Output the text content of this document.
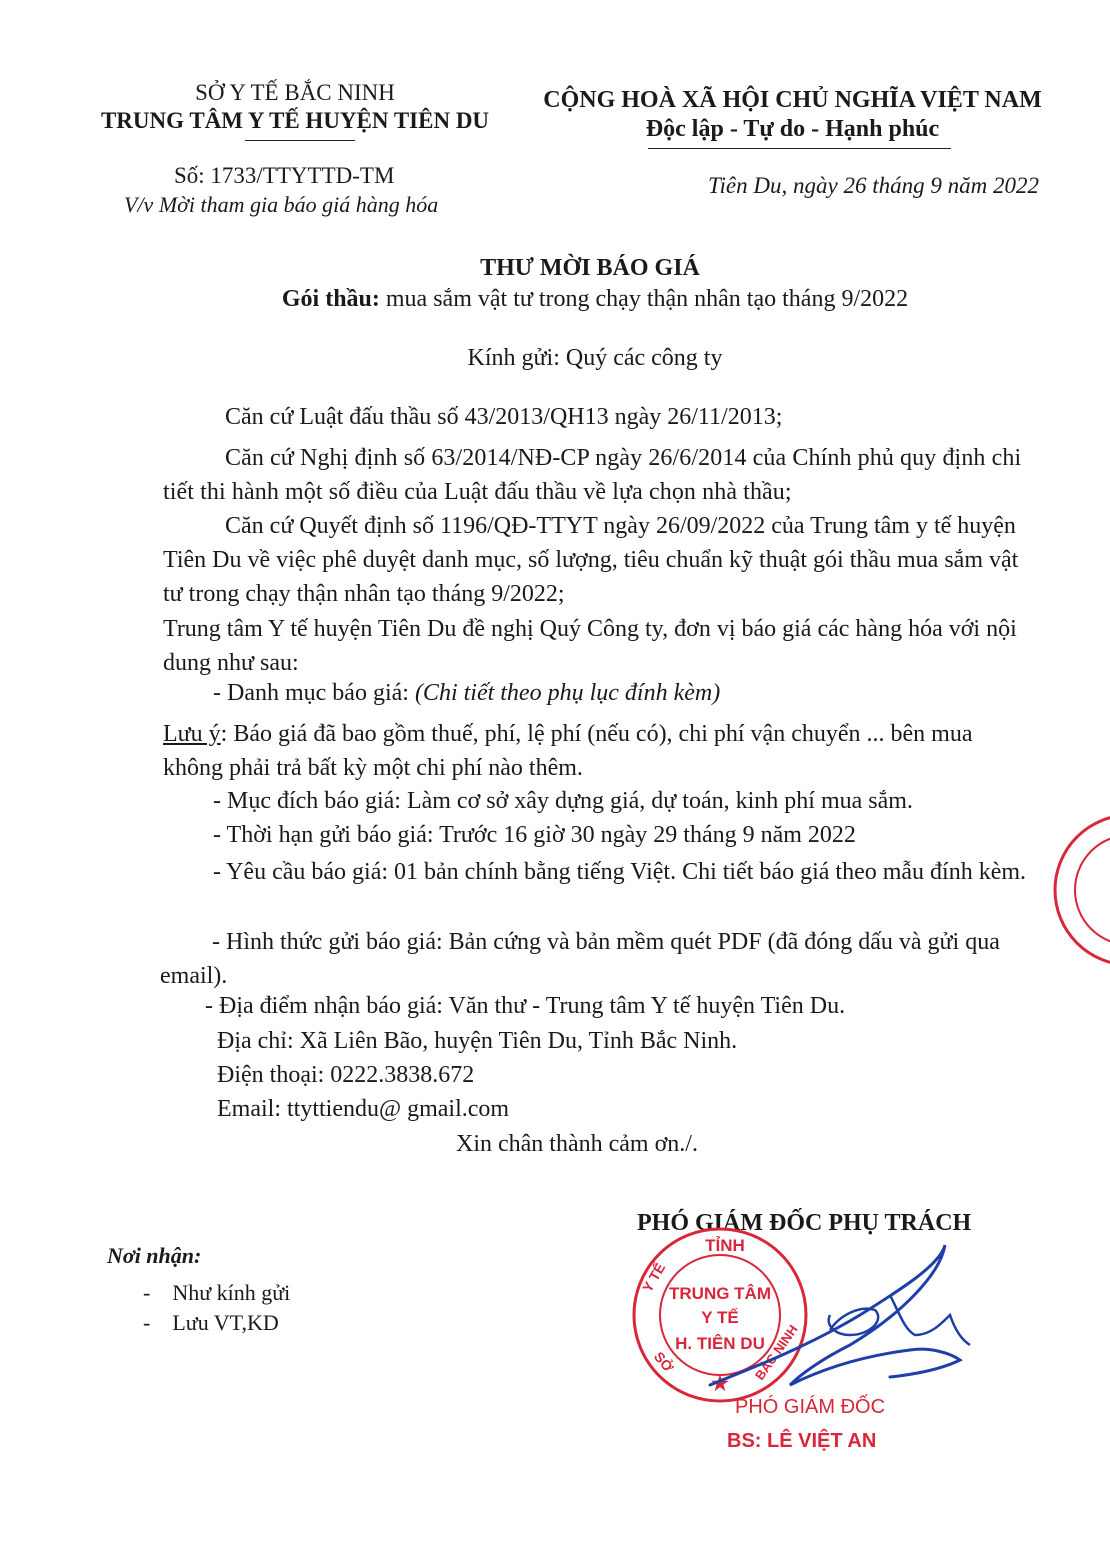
SỞ Y TẾ BẮC NINH
TRUNG TÂM Y TẾ HUYỆN TIÊN DU
CỘNG HOÀ XÃ HỘI CHỦ NGHĨA VIỆT NAM
Độc lập - Tự do - Hạnh phúc
Số: 1733/TTYTTD-TM
V/v Mời tham gia báo giá hàng hóa
Tiên Du, ngày 26 tháng 9 năm 2022
THƯ MỜI BÁO GIÁ
Gói thầu: mua sắm vật tư trong chạy thận nhân tạo tháng 9/2022
Kính gửi: Quý các công ty
Căn cứ Luật đấu thầu số 43/2013/QH13 ngày 26/11/2013;
Căn cứ Nghị định số 63/2014/NĐ-CP ngày 26/6/2014 của Chính phủ quy định chi tiết thi hành một số điều của Luật đấu thầu về lựa chọn nhà thầu;
Căn cứ Quyết định số 1196/QĐ-TTYT ngày 26/09/2022 của Trung tâm y tế huyện Tiên Du về việc phê duyệt danh mục, số lượng, tiêu chuẩn kỹ thuật gói thầu mua sắm vật tư trong chạy thận nhân tạo tháng 9/2022;
Trung tâm Y tế huyện Tiên Du đề nghị Quý Công ty, đơn vị báo giá các hàng hóa với nội dung như sau:
- Danh mục báo giá: (Chi tiết theo phụ lục đính kèm)
Lưu ý: Báo giá đã bao gồm thuế, phí, lệ phí (nếu có), chi phí vận chuyển ... bên mua không phải trả bất kỳ một chi phí nào thêm.
- Mục đích báo giá: Làm cơ sở xây dựng giá, dự toán, kinh phí mua sắm.
- Thời hạn gửi báo giá: Trước 16 giờ 30 ngày 29 tháng 9 năm 2022
- Yêu cầu báo giá: 01 bản chính bằng tiếng Việt. Chi tiết báo giá theo mẫu đính kèm.
- Hình thức gửi báo giá: Bản cứng và bản mềm quét PDF (đã đóng dấu và gửi qua email).
- Địa điểm nhận báo giá: Văn thư - Trung tâm Y tế huyện Tiên Du.
Địa chỉ: Xã Liên Bão, huyện Tiên Du, Tỉnh Bắc Ninh.
Điện thoại: 0222.3838.672
Email: ttyttiendu@ gmail.com
Xin chân thành cảm ơn./.
Nơi nhận:
-    Như kính gửi
-    Lưu VT,KD
PHÓ GIÁM ĐỐC PHỤ TRÁCH
TỈNH
TRUNG TÂM
Y TẾ
H. TIÊN DU
BẮC NINH
Y TẾ
SỞ
★
PHÓ GIÁM ĐỐC
BS: LÊ VIỆT AN
